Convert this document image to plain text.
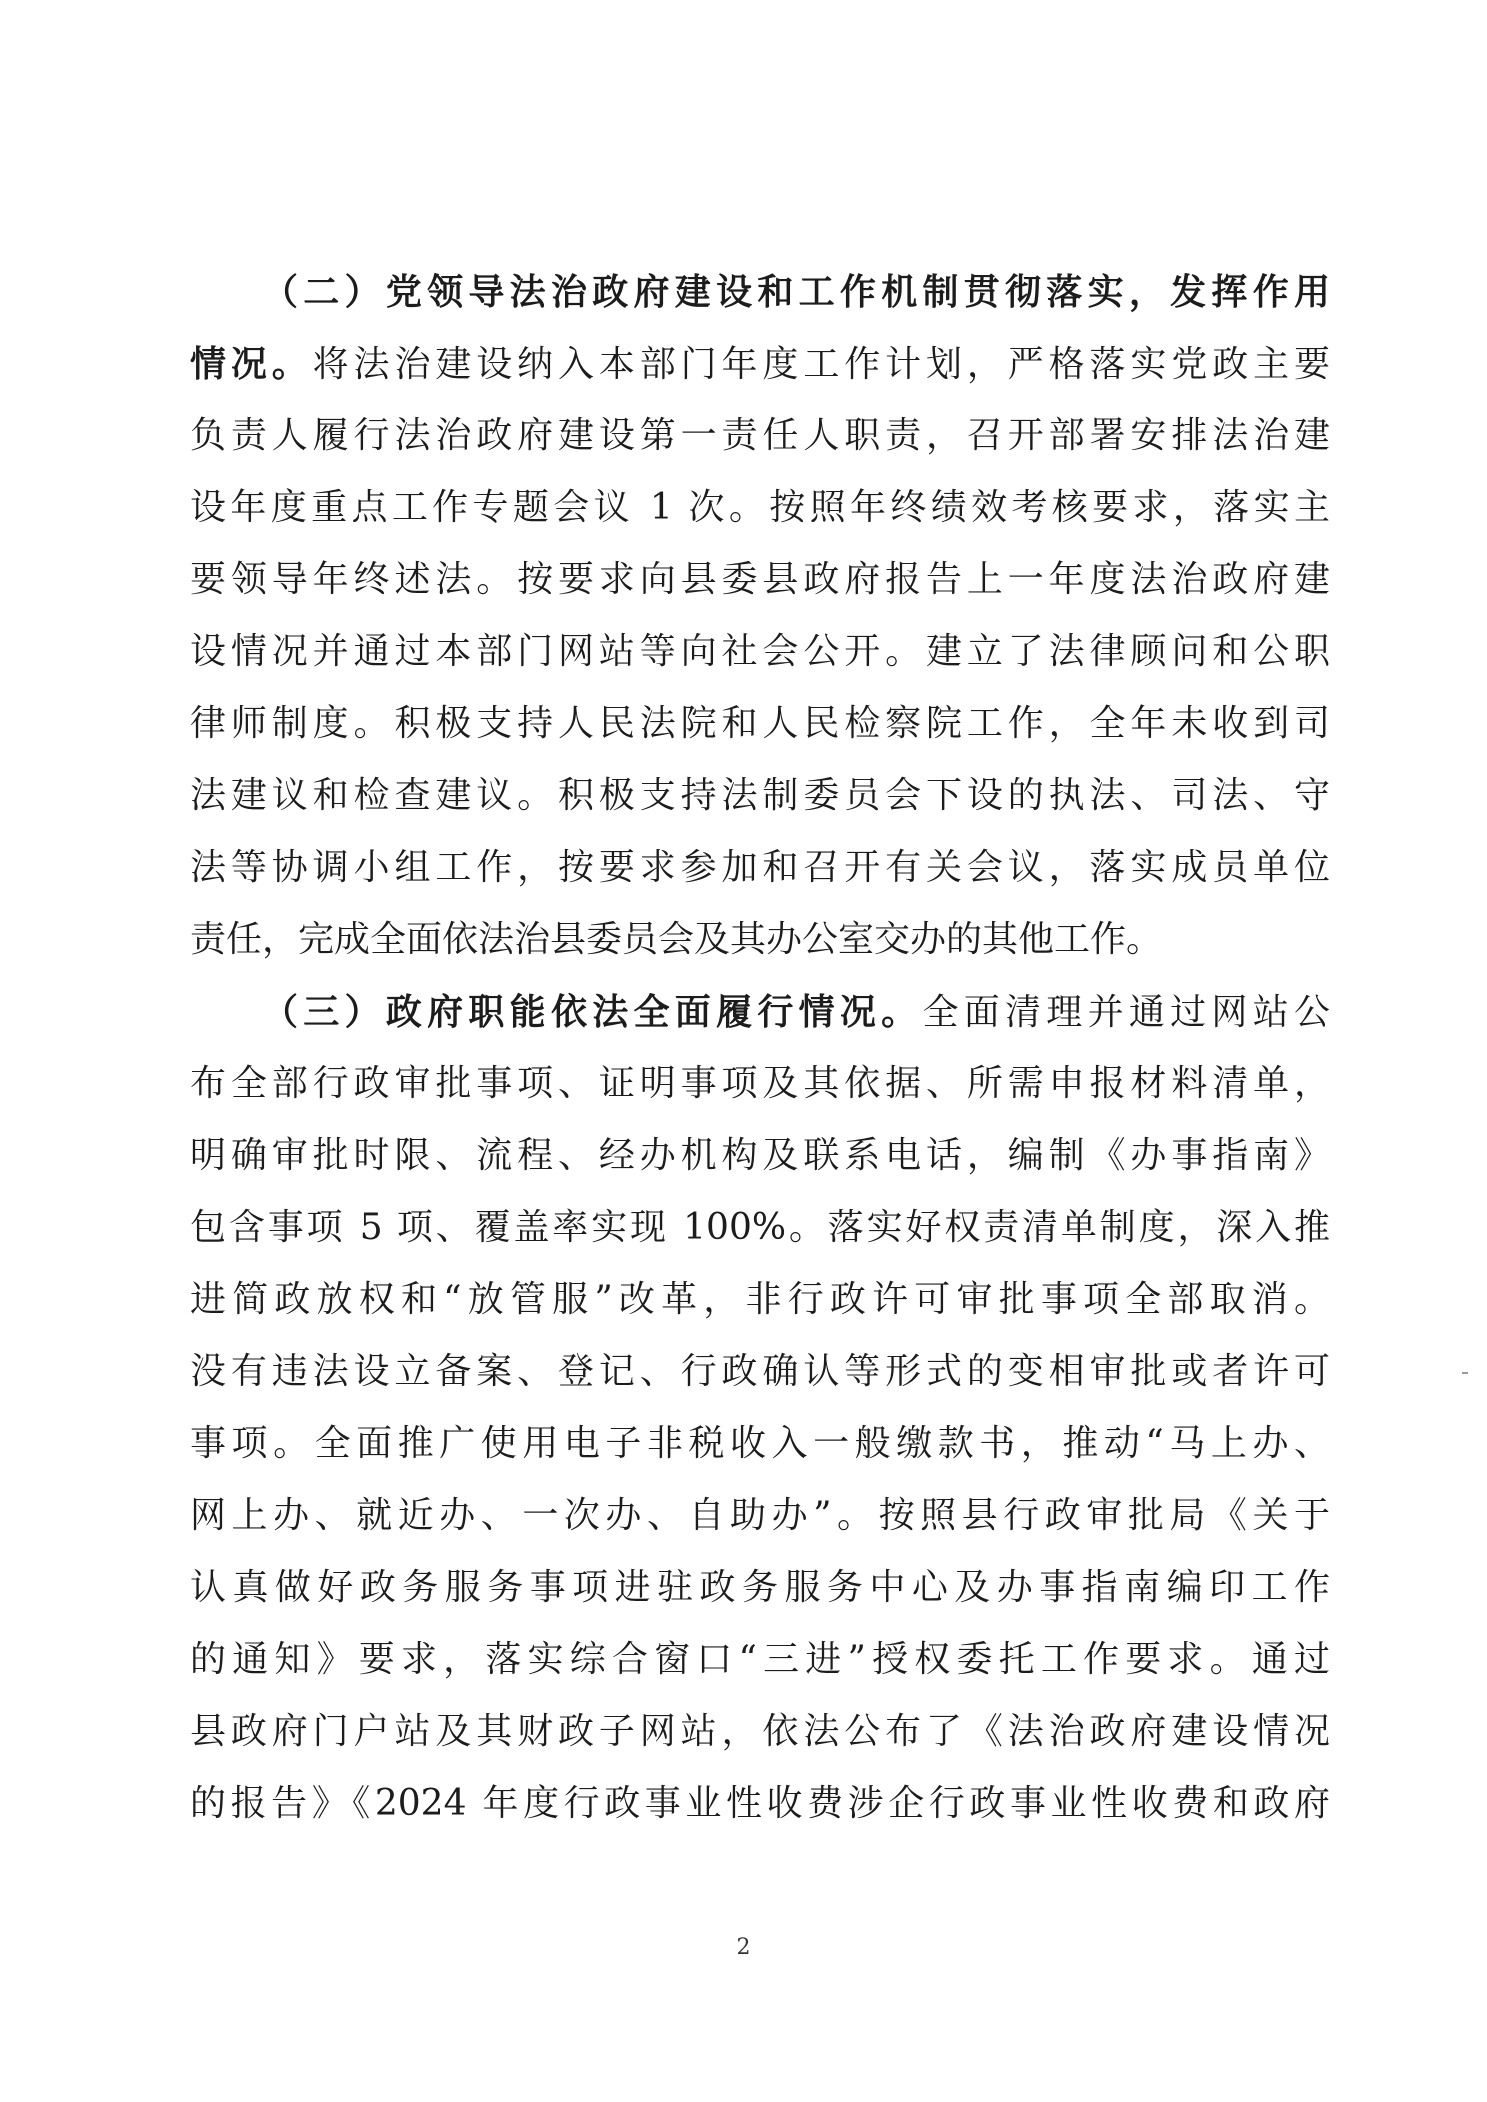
（二）党领导法治政府建设和工作机制贯彻落实，发挥作用
情况。将法治建设纳入本部门年度工作计划，严格落实党政主要
负责人履行法治政府建设第一责任人职责，召开部署安排法治建
设年度重点工作专题会议 1 次。按照年终绩效考核要求，落实主
要领导年终述法。按要求向县委县政府报告上一年度法治政府建
设情况并通过本部门网站等向社会公开。建立了法律顾问和公职
律师制度。积极支持人民法院和人民检察院工作，全年未收到司
法建议和检查建议。积极支持法制委员会下设的执法、司法、守
法等协调小组工作，按要求参加和召开有关会议，落实成员单位
责任，完成全面依法治县委员会及其办公室交办的其他工作。
（三）政府职能依法全面履行情况。全面清理并通过网站公
布全部行政审批事项、证明事项及其依据、所需申报材料清单，
明确审批时限、流程、经办机构及联系电话，编制《办事指南》
包含事项 5 项、覆盖率实现 100%。落实好权责清单制度，深入推
进简政放权和“放管服”改革，非行政许可审批事项全部取消。
没有违法设立备案、登记、行政确认等形式的变相审批或者许可
事项。全面推广使用电子非税收入一般缴款书，推动“马上办、
网上办、就近办、一次办、自助办”。按照县行政审批局《关于
认真做好政务服务事项进驻政务服务中心及办事指南编印工作
的通知》要求，落实综合窗口“三进”授权委托工作要求。通过
县政府门户站及其财政子网站，依法公布了《法治政府建设情况
的报告》《2024 年度行政事业性收费涉企行政事业性收费和政府
2
